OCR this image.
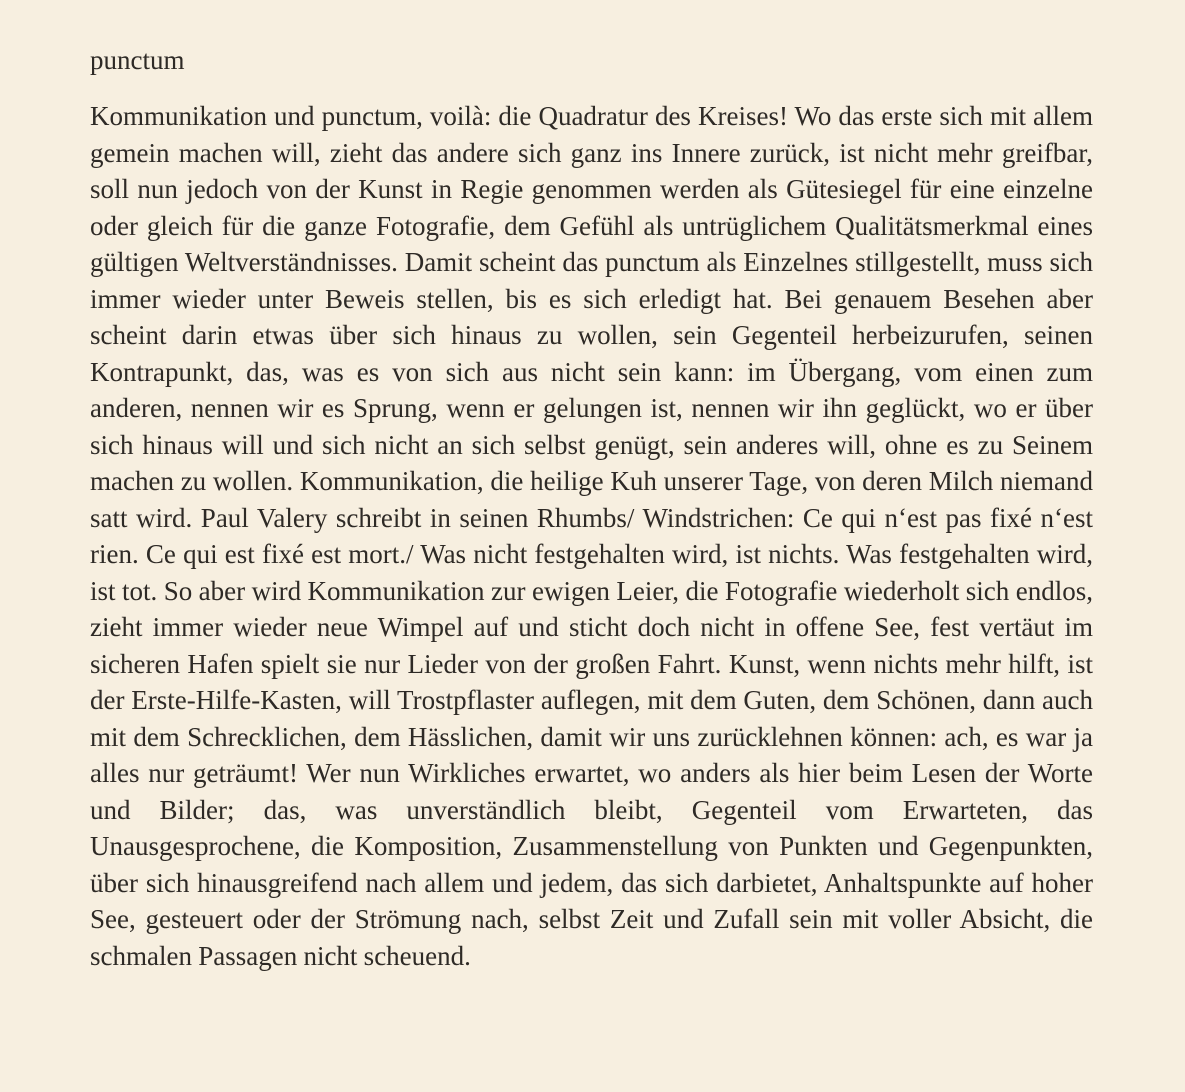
punctum

Kommunikation und punctum, voilà: die Quadratur des Kreises! Wo das erste sich mit allem gemein machen will, zieht das andere sich ganz ins Innere zurück, ist nicht mehr greifbar, soll nun jedoch von der Kunst in Regie genommen werden als Gütesiegel für eine einzelne oder gleich für die ganze Fotografie, dem Gefühl als untrüglichem Qualitätsmerkmal eines gültigen Weltverständnisses. Damit scheint das punctum als Einzelnes stillgestellt, muss sich immer wieder unter Beweis stellen, bis es sich erledigt hat. Bei genauem Besehen aber scheint darin etwas über sich hinaus zu wollen, sein Gegenteil herbeizurufen, seinen Kontrapunkt, das, was es von sich aus nicht sein kann: im Übergang, vom einen zum anderen, nennen wir es Sprung, wenn er gelungen ist, nennen wir ihn geglückt, wo er über sich hinaus will und sich nicht an sich selbst genügt, sein anderes will, ohne es zu Seinem machen zu wollen. Kommunikation, die heilige Kuh unserer Tage, von deren Milch niemand satt wird. Paul Valery schreibt in seinen Rhumbs/ Windstrichen: Ce qui n‘est pas fixé n‘est rien. Ce qui est fixé est mort./ Was nicht festgehalten wird, ist nichts. Was festgehalten wird, ist tot. So aber wird Kommunikation zur ewigen Leier, die Fotografie wiederholt sich endlos, zieht immer wieder neue Wimpel auf und sticht doch nicht in offene See, fest vertäut im sicheren Hafen spielt sie nur Lieder von der großen Fahrt. Kunst, wenn nichts mehr hilft, ist der Erste-Hilfe-Kasten, will Trostpflaster auflegen, mit dem Guten, dem Schönen, dann auch mit dem Schrecklichen, dem Hässlichen, damit wir uns zurücklehnen können: ach, es war ja alles nur geträumt! Wer nun Wirkliches erwartet, wo anders als hier beim Lesen der Worte und Bilder; das, was unverständlich bleibt, Gegenteil vom Erwarteten, das Unausgesprochene, die Komposition, Zusammenstellung von Punkten und Gegenpunkten, über sich hinausgreifend nach allem und jedem, das sich darbietet, Anhaltspunkte auf hoher See, gesteuert oder der Strömung nach, selbst Zeit und Zufall sein mit voller Absicht, die schmalen Passagen nicht scheuend.
